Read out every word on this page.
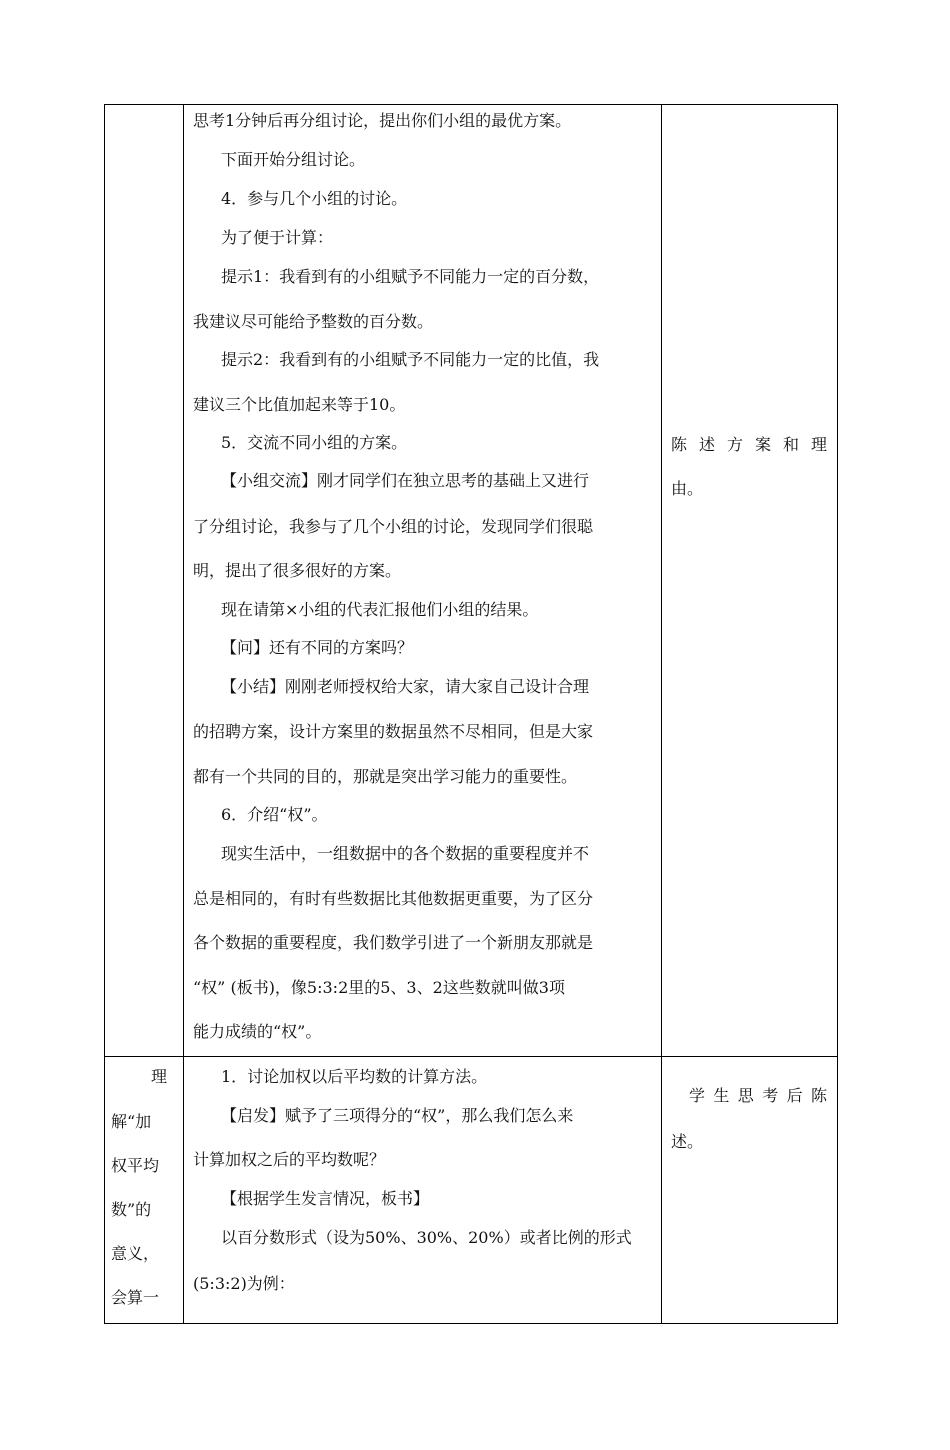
思考1分钟后再分组讨论，提出你们小组的最优方案。
下面开始分组讨论。
4．参与几个小组的讨论。
为了便于计算：
提示1：我看到有的小组赋予不同能力一定的百分数，
我建议尽可能给予整数的百分数。
提示2：我看到有的小组赋予不同能力一定的比值，我
建议三个比值加起来等于10。
5．交流不同小组的方案。
【小组交流】刚才同学们在独立思考的基础上又进行
了分组讨论，我参与了几个小组的讨论，发现同学们很聪
明，提出了很多很好的方案。
现在请第×小组的代表汇报他们小组的结果。
【问】还有不同的方案吗？
【小结】刚刚老师授权给大家，请大家自己设计合理
的招聘方案，设计方案里的数据虽然不尽相同，但是大家
都有一个共同的目的，那就是突出学习能力的重要性。
6．介绍“权”。
现实生活中，一组数据中的各个数据的重要程度并不
总是相同的，有时有些数据比其他数据更重要，为了区分
各个数据的重要程度，我们数学引进了一个新朋友那就是
“权” (板书)，像5:3:2里的5、3、2这些数就叫做3项
能力成绩的“权”。
陈述方案和理
由。
理
解“加
权平均
数”的
意义，
会算一
1．讨论加权以后平均数的计算方法。
【启发】赋予了三项得分的“权”，那么我们怎么来
计算加权之后的平均数呢？
【根据学生发言情况，板书】
以百分数形式（设为50%、30%、20%）或者比例的形式
(5:3:2)为例：
学生思考后陈
述。
